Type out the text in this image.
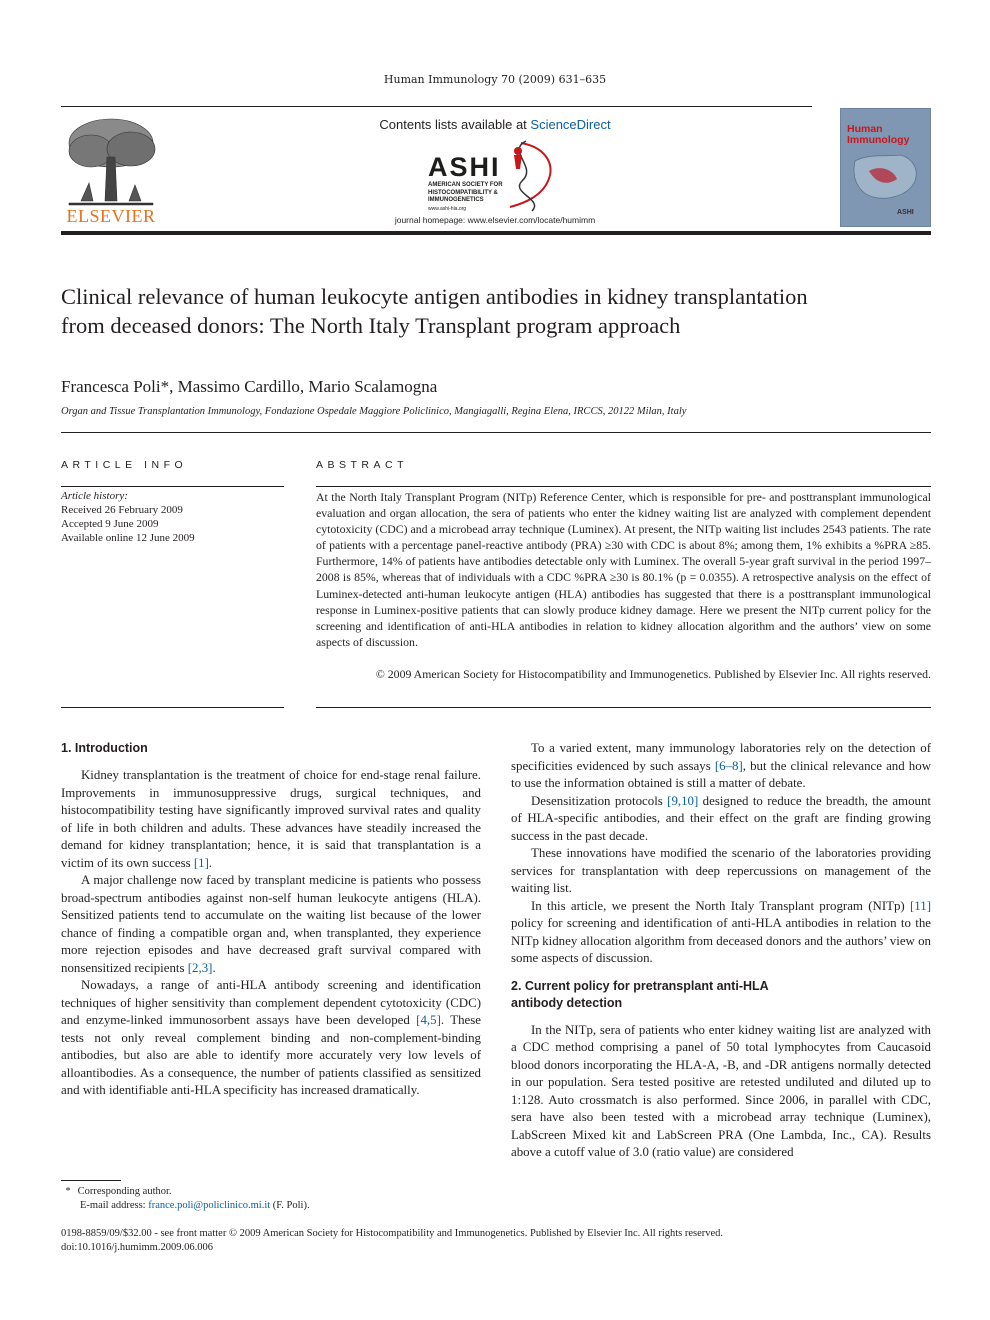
Human Immunology 70 (2009) 631–635
ELSEVIER
Contents lists available at ScienceDirect
ASHI
AMERICAN SOCIETY FOR HISTOCOMPATIBILITY & IMMUNOGENETICS
www.ashi-hla.org
journal homepage: www.elsevier.com/locate/humimm
Human Immunology
ASHI
Clinical relevance of human leukocyte antigen antibodies in kidney transplantation from deceased donors: The North Italy Transplant program approach
Francesca Poli*, Massimo Cardillo, Mario Scalamogna
Organ and Tissue Transplantation Immunology, Fondazione Ospedale Maggiore Policlinico, Mangiagalli, Regina Elena, IRCCS, 20122 Milan, Italy
ARTICLE INFO	ABSTRACT
Article history:
Received 26 February 2009
Accepted 9 June 2009
Available online 12 June 2009
At the North Italy Transplant Program (NITp) Reference Center, which is responsible for pre- and posttransplant immunological evaluation and organ allocation, the sera of patients who enter the kidney waiting list are analyzed with complement dependent cytotoxicity (CDC) and a microbead array technique (Luminex). At present, the NITp waiting list includes 2543 patients. The rate of patients with a percentage panel-reactive antibody (PRA) ≥30 with CDC is about 8%; among them, 1% exhibits a %PRA ≥85. Furthermore, 14% of patients have antibodies detectable only with Luminex. The overall 5-year graft survival in the period 1997–2008 is 85%, whereas that of individuals with a CDC %PRA ≥30 is 80.1% (p = 0.0355). A retrospective analysis on the effect of Luminex-detected anti-human leukocyte antigen (HLA) antibodies has suggested that there is a posttransplant immunological response in Luminex-positive patients that can slowly produce kidney damage. Here we present the NITp current policy for the screening and identification of anti-HLA antibodies in relation to kidney allocation algorithm and the authors’ view on some aspects of discussion.
© 2009 American Society for Histocompatibility and Immunogenetics. Published by Elsevier Inc. All rights reserved.
1. Introduction

Kidney transplantation is the treatment of choice for end-stage renal failure. Improvements in immunosuppressive drugs, surgical techniques, and histocompatibility testing have significantly improved survival rates and quality of life in both children and adults. These advances have steadily increased the demand for kidney transplantation; hence, it is said that transplantation is a victim of its own success [1].

A major challenge now faced by transplant medicine is patients who possess broad-spectrum antibodies against non-self human leukocyte antigens (HLA). Sensitized patients tend to accumulate on the waiting list because of the lower chance of finding a compatible organ and, when transplanted, they experience more rejection episodes and have decreased graft survival compared with nonsensitized recipients [2,3].

Nowadays, a range of anti-HLA antibody screening and identification techniques of higher sensitivity than complement dependent cytotoxicity (CDC) and enzyme-linked immunosorbent assays have been developed [4,5]. These tests not only reveal complement binding and non-complement-binding antibodies, but also are able to identify more accurately very low levels of alloantibodies. As a consequence, the number of patients classified as sensitized and with identifiable anti-HLA specificity has increased dramatically.

To a varied extent, many immunology laboratories rely on the detection of specificities evidenced by such assays [6–8], but the clinical relevance and how to use the information obtained is still a matter of debate.

Desensitization protocols [9,10] designed to reduce the breadth, the amount of HLA-specific antibodies, and their effect on the graft are finding growing success in the past decade.

These innovations have modified the scenario of the laboratories providing services for transplantation with deep repercussions on management of the waiting list.

In this article, we present the North Italy Transplant program (NITp) [11] policy for screening and identification of anti-HLA antibodies in relation to the NITp kidney allocation algorithm from deceased donors and the authors’ view on some aspects of discussion.

2. Current policy for pretransplant anti-HLA
antibody detection

In the NITp, sera of patients who enter kidney waiting list are analyzed with a CDC method comprising a panel of 50 total lymphocytes from Caucasoid blood donors incorporating the HLA-A, -B, and -DR antigens normally detected in our population. Sera tested positive are retested undiluted and diluted up to 1:128. Auto crossmatch is also performed. Since 2006, in parallel with CDC, sera have also been tested with a microbead array technique (Luminex), LabScreen Mixed kit and LabScreen PRA (One Lambda, Inc., CA). Results above a cutoff value of 3.0 (ratio value) are considered

* Corresponding author.
E-mail address: france.poli@policlinico.mi.it (F. Poli).
0198-8859/09/$32.00 - see front matter © 2009 American Society for Histocompatibility and Immunogenetics. Published by Elsevier Inc. All rights reserved.
doi:10.1016/j.humimm.2009.06.006
